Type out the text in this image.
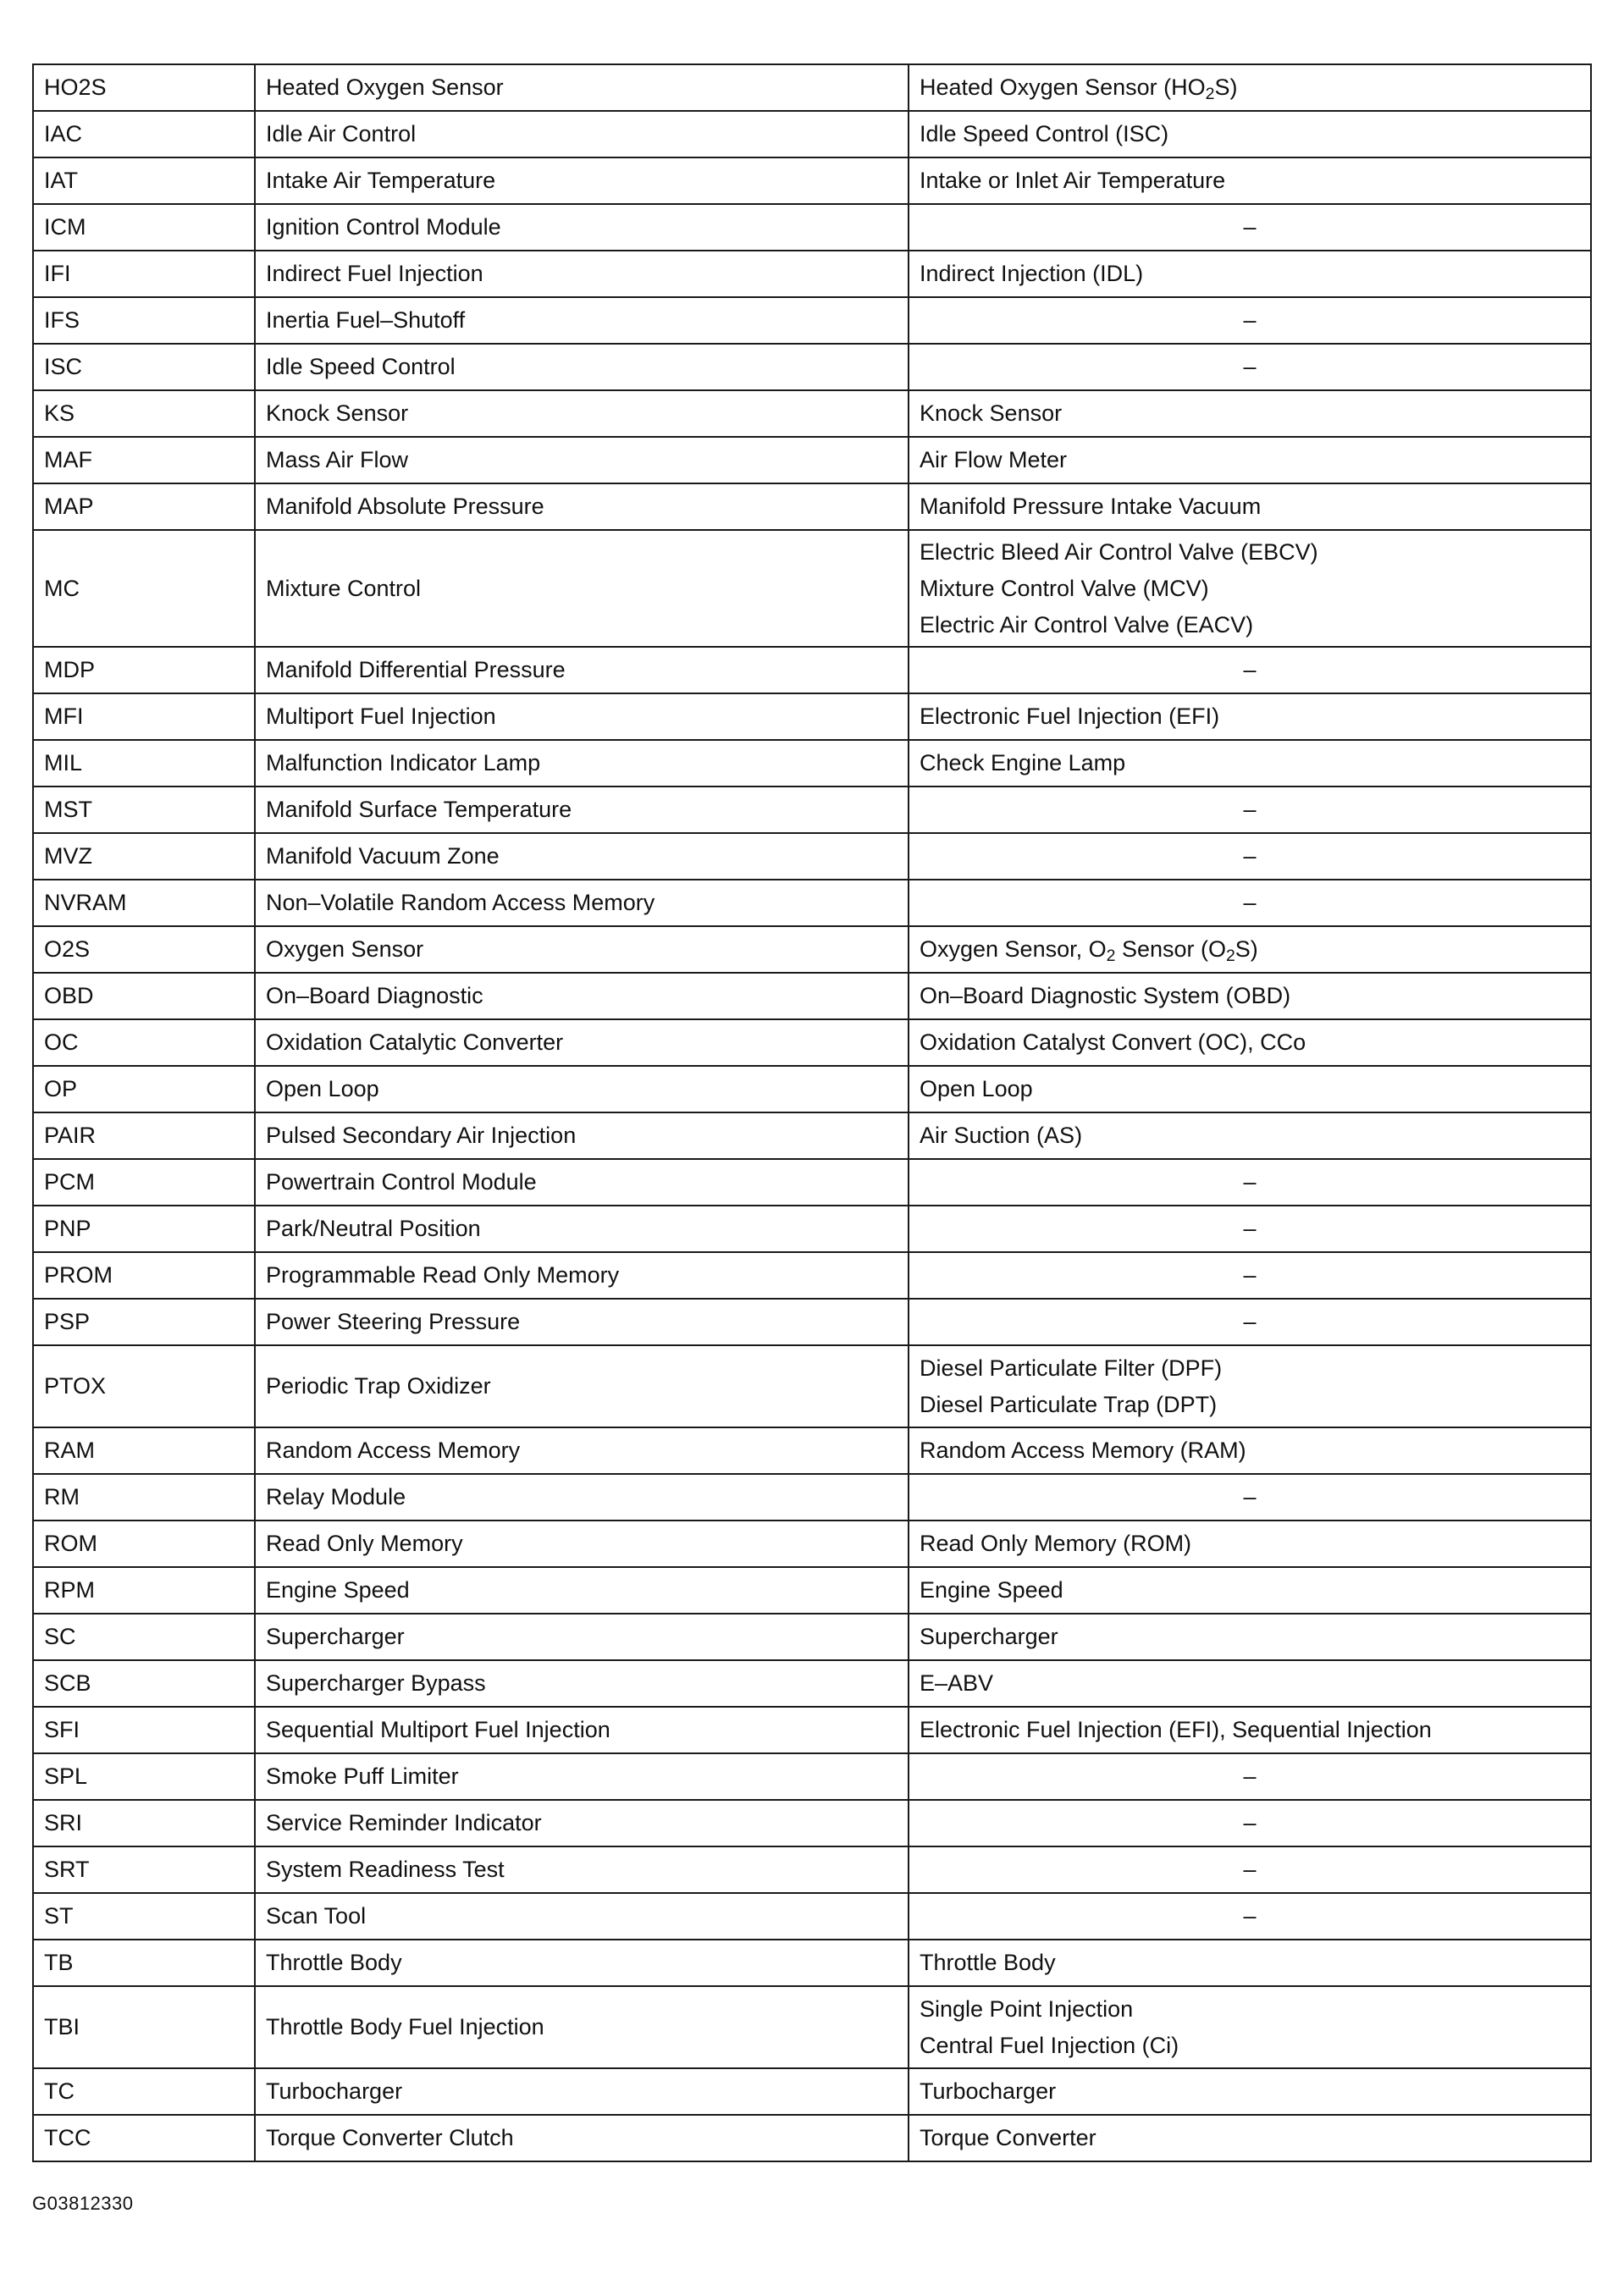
HO2S	Heated Oxygen Sensor	Heated Oxygen Sensor $(HO_2S)$

IAC	Idle Air Control	Idle Speed Control (ISC)

IAT	Intake Air Temperature	Intake or Inlet Air Temperature

ICM	Ignition Control Module	–

IFI	Indirect Fuel Injection	Indirect Injection (IDL)

IFS	Inertia Fuel–Shutoff	–

ISC	Idle Speed Control	–

KS	Knock Sensor	Knock Sensor

MAF	Mass Air Flow	Air Flow Meter

MAP	Manifold Absolute Pressure	Manifold Pressure Intake Vacuum

MC	Mixture Control	Electric Bleed Air Control Valve (EBCV)
Mixture Control Valve (MCV)
Electric Air Control Valve (EACV)

MDP	Manifold Differential Pressure	–

MFI	Multiport Fuel Injection	Electronic Fuel Injection (EFI)

MIL	Malfunction Indicator Lamp	Check Engine Lamp

MST	Manifold Surface Temperature	–

MVZ	Manifold Vacuum Zone	–

NVRAM	Non–Volatile Random Access Memory	–

O2S	Oxygen Sensor	Oxygen Sensor, $O_2$ Sensor $(O_2S)$

OBD	On–Board Diagnostic	On–Board Diagnostic System (OBD)

OC	Oxidation Catalytic Converter	Oxidation Catalyst Convert (OC), CCo

OP	Open Loop	Open Loop

PAIR	Pulsed Secondary Air Injection	Air Suction (AS)

PCM	Powertrain Control Module	–

PNP	Park/Neutral Position	–

PROM	Programmable Read Only Memory	–

PSP	Power Steering Pressure	–

PTOX	Periodic Trap Oxidizer	Diesel Particulate Filter (DPF)
Diesel Particulate Trap (DPT)

RAM	Random Access Memory	Random Access Memory (RAM)

RM	Relay Module	–

ROM	Read Only Memory	Read Only Memory (ROM)

RPM	Engine Speed	Engine Speed

SC	Supercharger	Supercharger

SCB	Supercharger Bypass	E–ABV

SFI	Sequential Multiport Fuel Injection	Electronic Fuel Injection (EFI), Sequential Injection

SPL	Smoke Puff Limiter	–

SRI	Service Reminder Indicator	–

SRT	System Readiness Test	–

ST	Scan Tool	–

TB	Throttle Body	Throttle Body

TBI	Throttle Body Fuel Injection	Single Point Injection
Central Fuel Injection (Ci)

TC	Turbocharger	Turbocharger

TCC	Torque Converter Clutch	Torque Converter
G03812330
